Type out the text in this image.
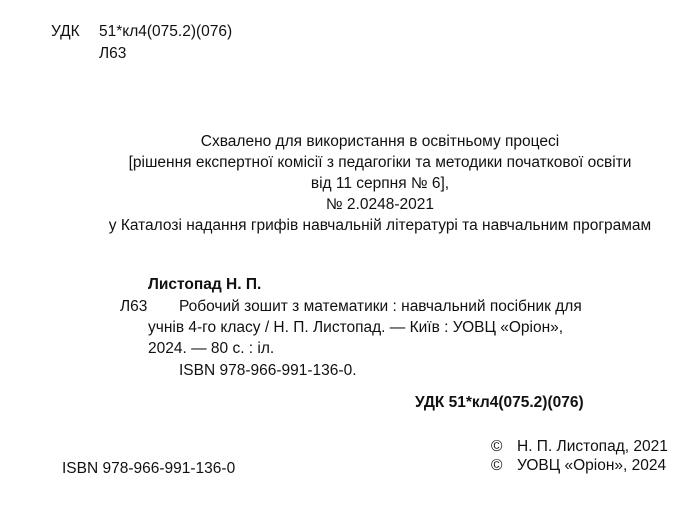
УДК 51*кл4(075.2)(076)
Л63
Схвалено для використання в освітньому процесі
[рішення експертної комісії з педагогіки та методики початкової освіти
від 11 серпня № 6],
№ 2.0248-2021
у Каталозі надання грифів навчальній літературі та навчальним програмам
Листопад Н. П.
Л63 Робочий зошит з математики : навчальний посібник для
учнів 4-го класу / Н. П. Листопад. — Київ : УОВЦ «Оріон»,
2024. — 80 с. : іл.
ISBN 978-966-991-136-0.
УДК 51*кл4(075.2)(076)
ISBN 978-966-991-136-0
© Н. П. Листопад, 2021
© УОВЦ «Оріон», 2024
